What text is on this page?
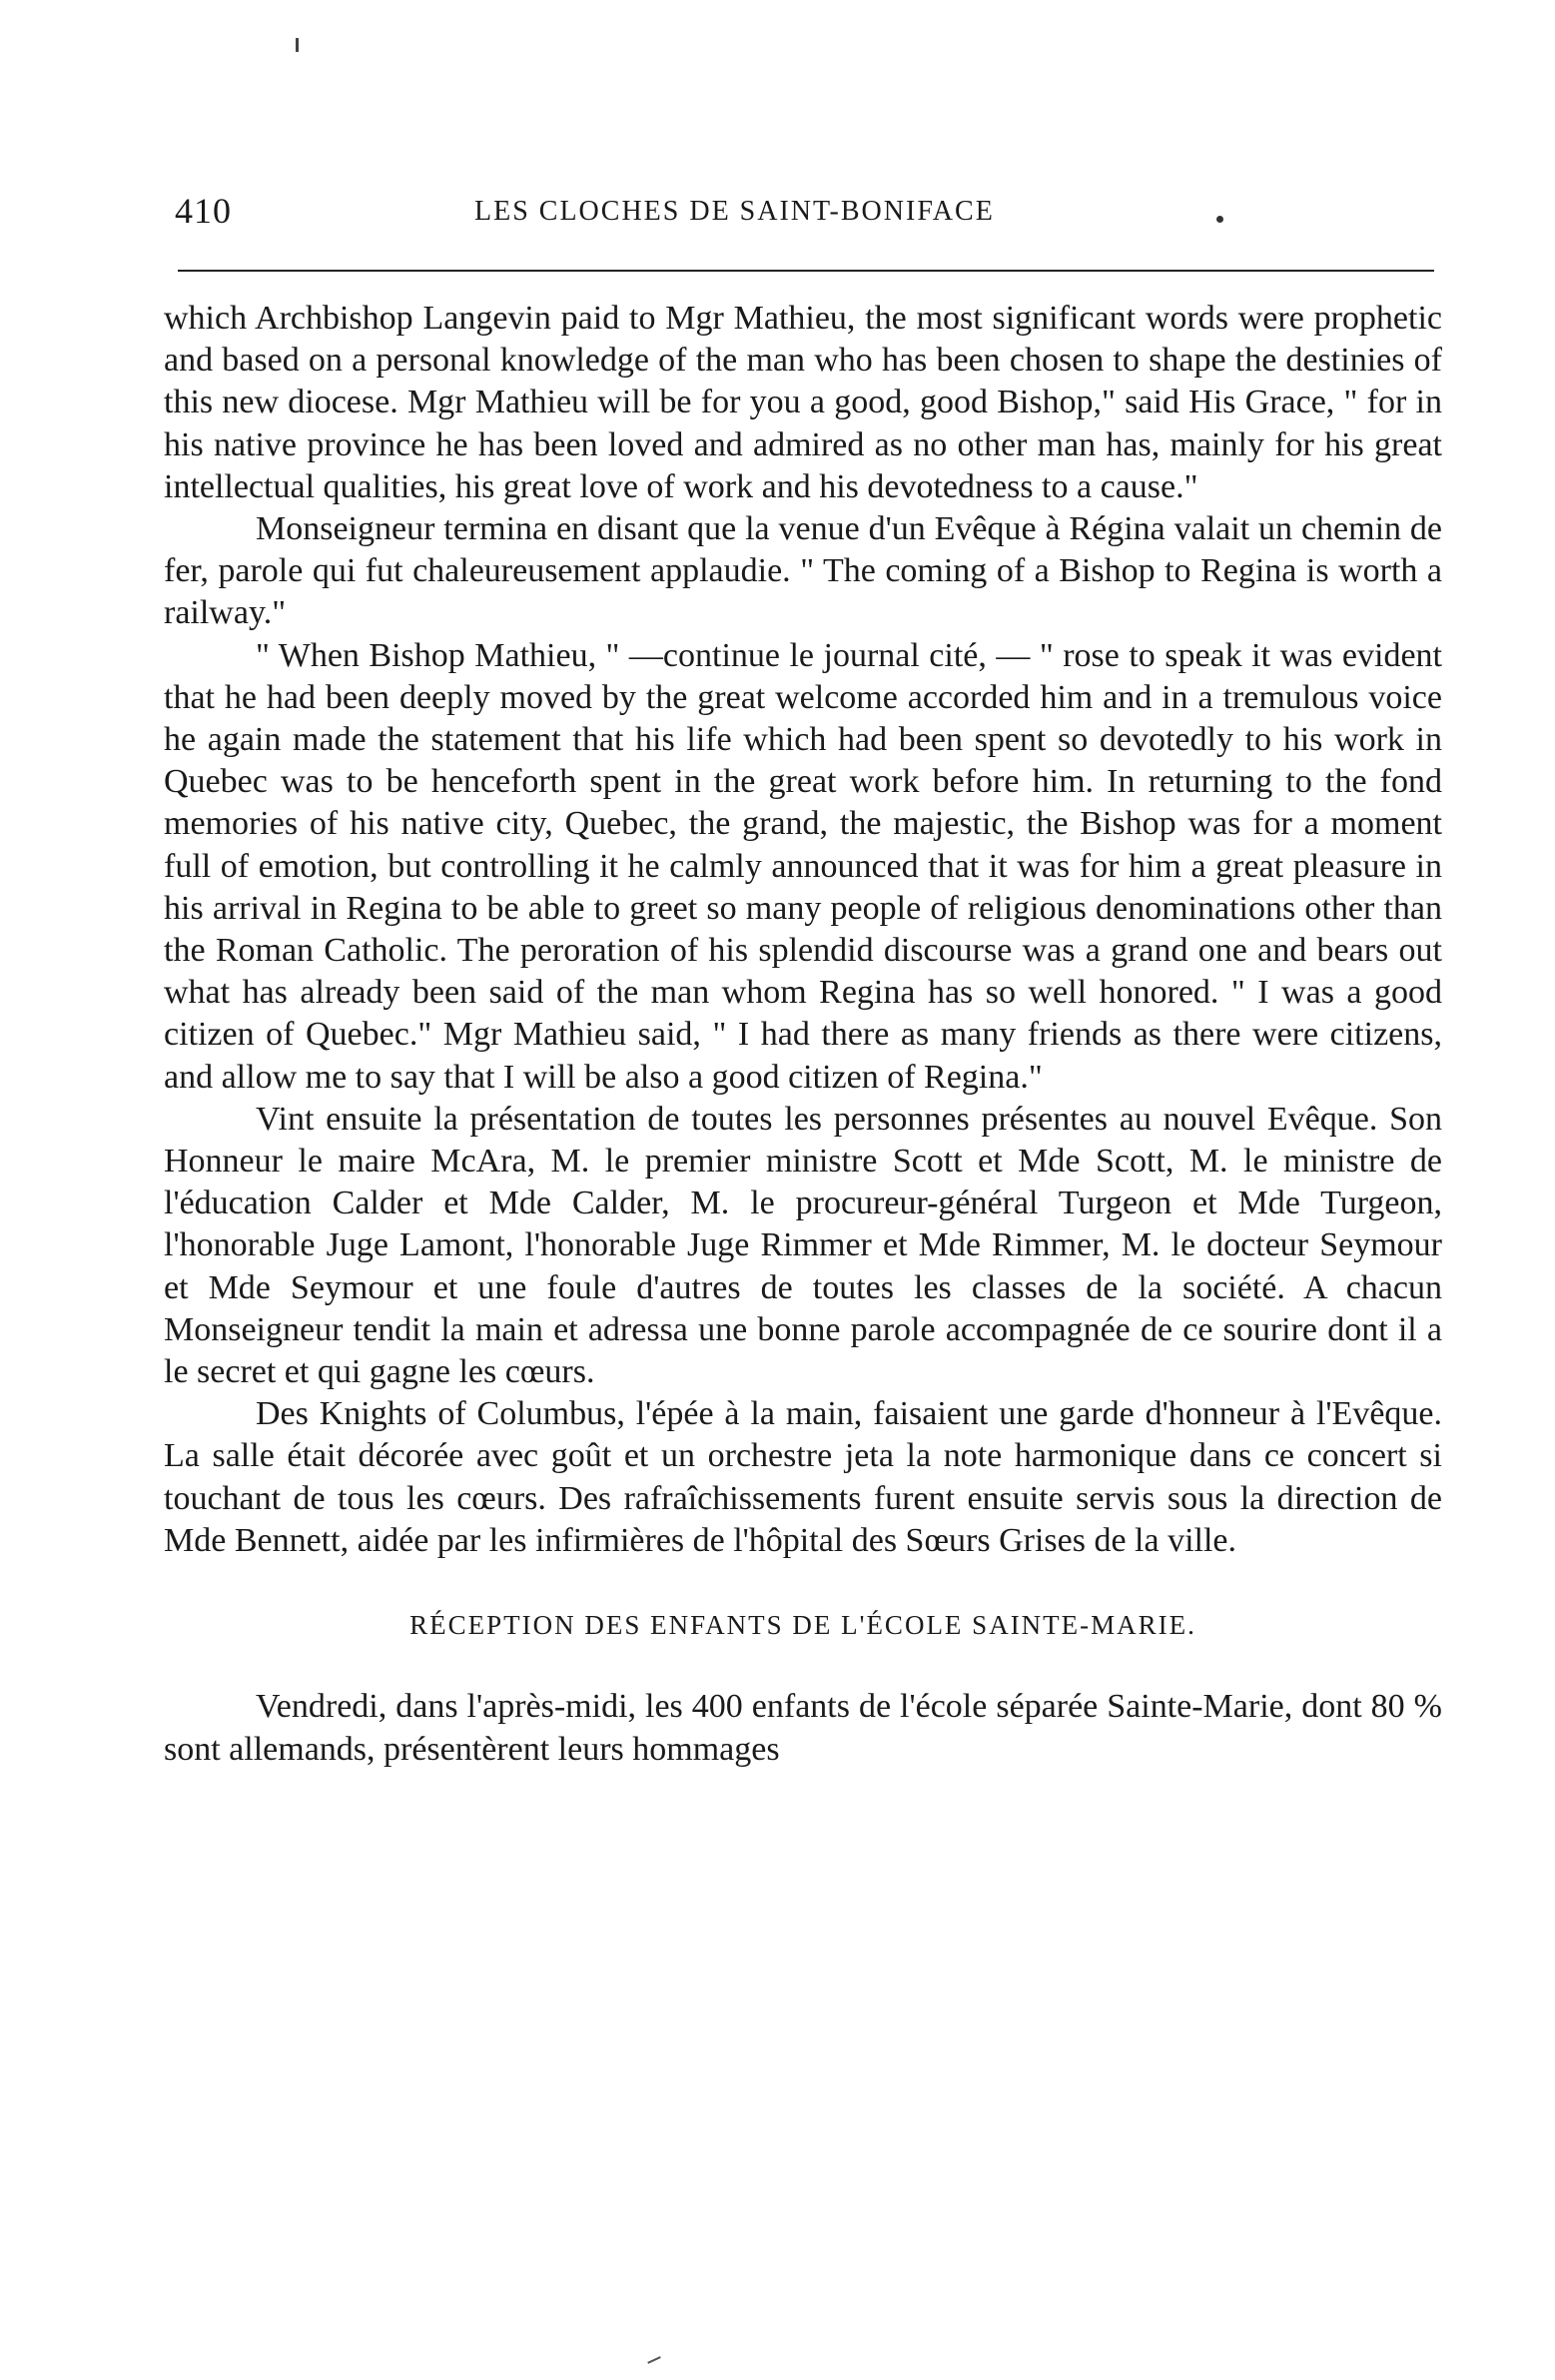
410	LES CLOCHES DE SAINT-BONIFACE

which Archbishop Langevin paid to Mgr Mathieu, the most significant words were prophetic and based on a personal knowledge of the man who has been chosen to shape the destinies of this new diocese. Mgr Mathieu will be for you a good, good Bishop," said His Grace, " for in his native province he has been loved and admired as no other man has, mainly for his great intellectual qualities, his great love of work and his devotedness to a cause."

Monseigneur termina en disant que la venue d'un Evêque à Régina valait un chemin de fer, parole qui fut chaleureusement applaudie. " The coming of a Bishop to Regina is worth a railway."

" When Bishop Mathieu, " —continue le journal cité, — " rose to speak it was evident that he had been deeply moved by the great welcome accorded him and in a tremulous voice he again made the statement that his life which had been spent so devotedly to his work in Quebec was to be henceforth spent in the great work before him. In returning to the fond memories of his native city, Quebec, the grand, the majestic, the Bishop was for a moment full of emotion, but controlling it he calmly announced that it was for him a great pleasure in his arrival in Regina to be able to greet so many people of religious denominations other than the Roman Catholic. The peroration of his splendid discourse was a grand one and bears out what has already been said of the man whom Regina has so well honored. " I was a good citizen of Quebec." Mgr Mathieu said, " I had there as many friends as there were citizens, and allow me to say that I will be also a good citizen of Regina."

Vint ensuite la présentation de toutes les personnes présentes au nouvel Evêque. Son Honneur le maire McAra, M. le premier ministre Scott et Mde Scott, M. le ministre de l'éducation Calder et Mde Calder, M. le procureur-général Turgeon et Mde Turgeon, l'honorable Juge Lamont, l'honorable Juge Rimmer et Mde Rimmer, M. le docteur Seymour et Mde Seymour et une foule d'autres de toutes les classes de la société. A chacun Monseigneur tendit la main et adressa une bonne parole accompagnée de ce sourire dont il a le secret et qui gagne les cœurs.

Des Knights of Columbus, l'épée à la main, faisaient une garde d'honneur à l'Evêque. La salle était décorée avec goût et un orchestre jeta la note harmonique dans ce concert si touchant de tous les cœurs. Des rafraîchissements furent ensuite servis sous la direction de Mde Bennett, aidée par les infirmières de l'hôpital des Sœurs Grises de la ville.

RÉCEPTION DES ENFANTS DE L'ÉCOLE SAINTE-MARIE.

Vendredi, dans l'après-midi, les 400 enfants de l'école séparée Sainte-Marie, dont 80 % sont allemands, présentèrent leurs hommages
